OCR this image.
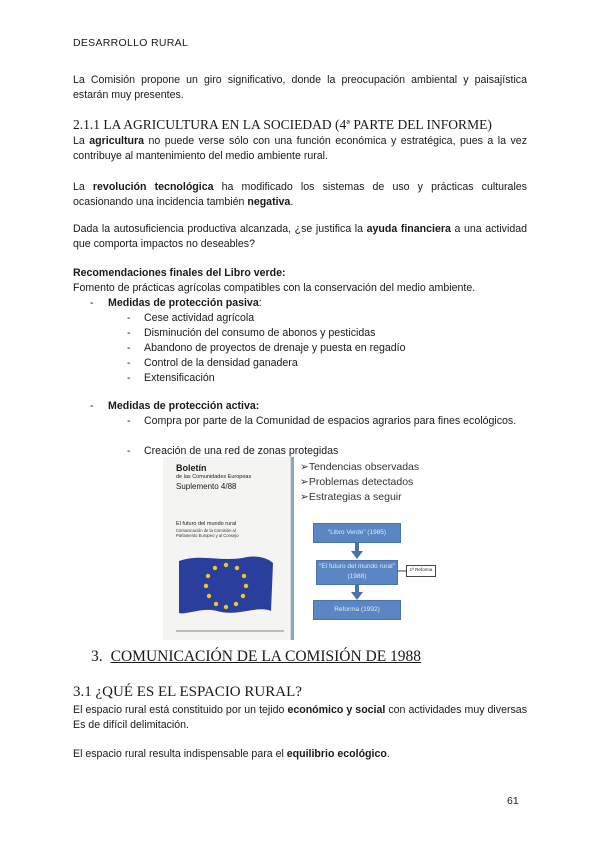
DESARROLLO RURAL

La Comisión propone un giro significativo, donde la preocupación ambiental y paisajística estarán muy presentes.

2.1.1 LA AGRICULTURA EN LA SOCIEDAD (4ª PARTE DEL INFORME)

La agricultura no puede verse sólo con una función económica y estratégica, pues a la vez contribuye al mantenimiento del medio ambiente rural.

La revolución tecnológica ha modificado los sistemas de uso y prácticas culturales ocasionando una incidencia también negativa.

Dada la autosuficiencia productiva alcanzada, ¿se justifica la ayuda financiera a una actividad que comporta impactos no deseables?

Recomendaciones finales del Libro verde:
Fomento de prácticas agrícolas compatibles con la conservación del medio ambiente.
- Medidas de protección pasiva:
- Cese actividad agrícola
- Disminución del consumo de abonos y pesticidas
- Abandono de proyectos de drenaje y puesta en regadío
- Control de la densidad ganadera
- Extensificación
- Medidas de protección activa:
- Compra por parte de la Comunidad de espacios agrarios para fines ecológicos.
- Creación de una red de zonas protegidas
Boletín
de las Comunidades Europeas
Suplemento 4/88
El futuro del mundo rural
Comunicación de la Comisión al Parlamento Europeo y al Consejo
➢Tendencias observadas
➢Problemas detectados
➢Estrategias a seguir
“Libro Verde” (1985)
“El futuro del mundo rural” (1988)
1ª Reforma
Reforma (1992)
3. COMUNICACIÓN DE LA COMISIÓN DE 1988
3.1 ¿QUÉ ES EL ESPACIO RURAL?

El espacio rural está constituido por un tejido económico y social con actividades muy diversas Es de difícil delimitación.

El espacio rural resulta indispensable para el equilibrio ecológico.

61
